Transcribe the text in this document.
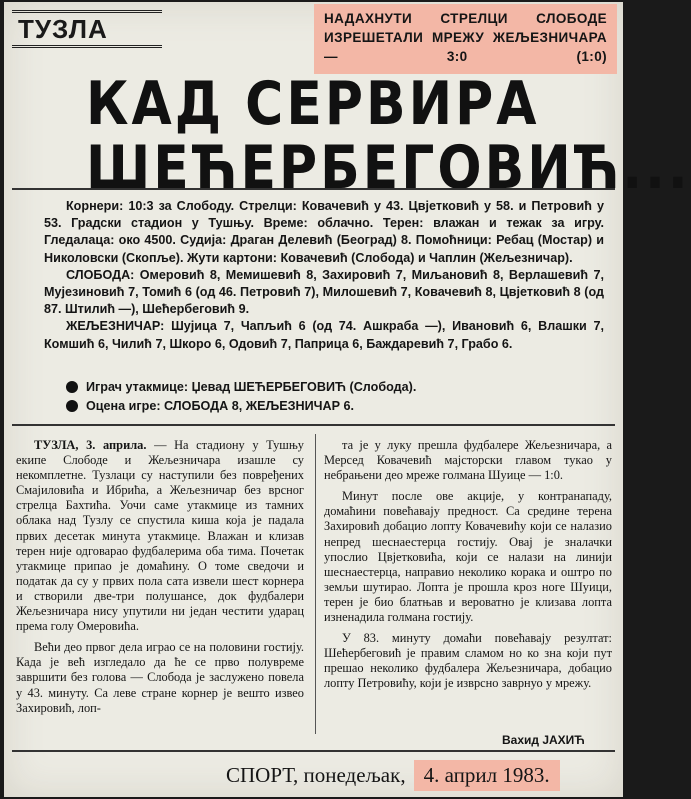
ТУЗЛА	НАДАХНУТИ СТРЕЛЦИ СЛОБОДЕ ИЗРЕШЕТАЛИ МРЕЖУ ЖЕЉЕЗНИЧАРА — 3:0 (1:0)
КАД СЕРВИРА
ШЕЋЕРБЕГОВИЋ...

Корнери: 10:3 за Слободу. Стрелци: Ковачевић у 43. Цвјетковић у 58. и Петровић у 53. Градски стадион у Тушњу. Време: облачно. Терен: влажан и тежак за игру. Гледалаца: око 4500. Судија: Драган Делевић (Београд) 8. Помоћници: Ребац (Мостар) и Николовски (Скопље). Жути картони: Ковачевић (Слобода) и Чаплин (Жељезничар).

СЛОБОДА: Омеровић 8, Мемишевић 8, Захировић 7, Миљановић 8, Верлашевић 7, Мујезиновић 7, Томић 6 (од 46. Петровић 7), Милошевић 7, Ковачевић 8, Цвјетковић 8 (од 87. Штилић —), Шећербеговић 9.

ЖЕЉЕЗНИЧАР: Шујица 7, Чапљић 6 (од 74. Ашкраба —), Ивановић 6, Влашки 7, Комшић 6, Чилић 7, Шкоро 6, Одовић 7, Паприца 6, Баждаревић 7, Грабо 6.

Играч утакмице: Џевад ШЕЋЕРБЕГОВИЋ (Слобода).
Оцена игре: СЛОБОДА 8, ЖЕЉЕЗНИЧАР 6.

ТУЗЛА, 3. априла. — На стадиону у Тушњу екипе Слободе и Жељезничара изашле су некомплетне. Тузлаци су наступили без повређених Смајиловића и Ибрића, а Жељезничар без врсног стрелца Бахтића. Уочи саме утакмице из тамних облака над Тузлу се спустила киша која је падала првих десетак минута утакмице. Влажан и клизав терен није одговарао фудбалерима оба тима. Почетак утакмице припао је домаћину. О томе сведочи и податак да су у првих пола сата извели шест корнера и створили две-три полушансе, док фудбалери Жељезничара нису упутили ни један честити ударац према голу Омеровића.

Већи део првог дела играо се на половини гостију. Када је већ изгледало да ће се прво полувреме завршити без голова — Слобода је заслужено повела у 43. минуту. Са леве стране корнер је вешто извео Захировић, лоп-

та је у луку прешла фудбалере Жељезничара, а Мерсед Ковачевић мајсторски главом тукао у небрањени део мреже голмана Шуице — 1:0.

Минут после ове акције, у контранападу, домаћини повећавају предност. Са средине терена Захировић добацио лопту Ковачевићу који се налазио непред шеснаестерца гостију. Овај је зналачки упослио Цвјетковића, који се налази на линији шеснаестерца, направио неколико корака и оштро по земљи шутирао. Лопта је прошла кроз ноге Шуици, терен је био блатњав и вероватно је клизава лопта изненадила голмана гостију.

У 83. минуту домаћи повећавају резултат: Шећербеговић је правим сламом но ко зна који пут прешао неколико фудбалера Жељезничара, добацио лопту Петровићу, који је изврсно заврнуо у мрежу.

Вахид ЈАХИЋ
СПОРТ, понедељак, 4. април 1983.
